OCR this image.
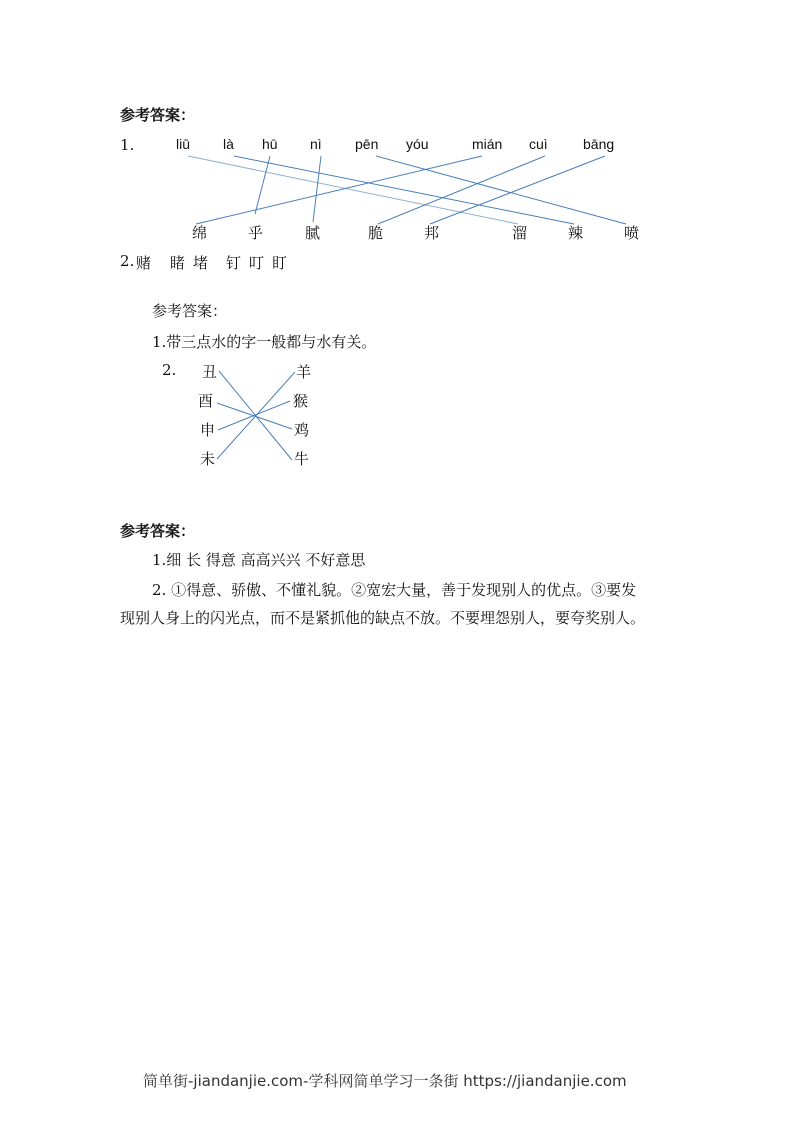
参考答案：
1.	liū là hū nì pēn yóu	mián cuì	bāng
绵	乎	腻	脆	邦	溜	辣	喷
2. 赌 睹 堵 钉 叮 盯
参考答案：
1.带三点水的字一般都与水有关。
2. 丑
酉
申
未
羊
猴
鸡
牛
参考答案：
1.细 长 得意 高高兴兴 不好意思
2. ①得意、骄傲、不懂礼貌。②宽宏大量，善于发现别人的优点。③要发
现别人身上的闪光点，而不是紧抓他的缺点不放。不要埋怨别人，要夸奖别人。
简单街-jiandanjie.com-学科网简单学习一条街 https://jiandanjie.com
